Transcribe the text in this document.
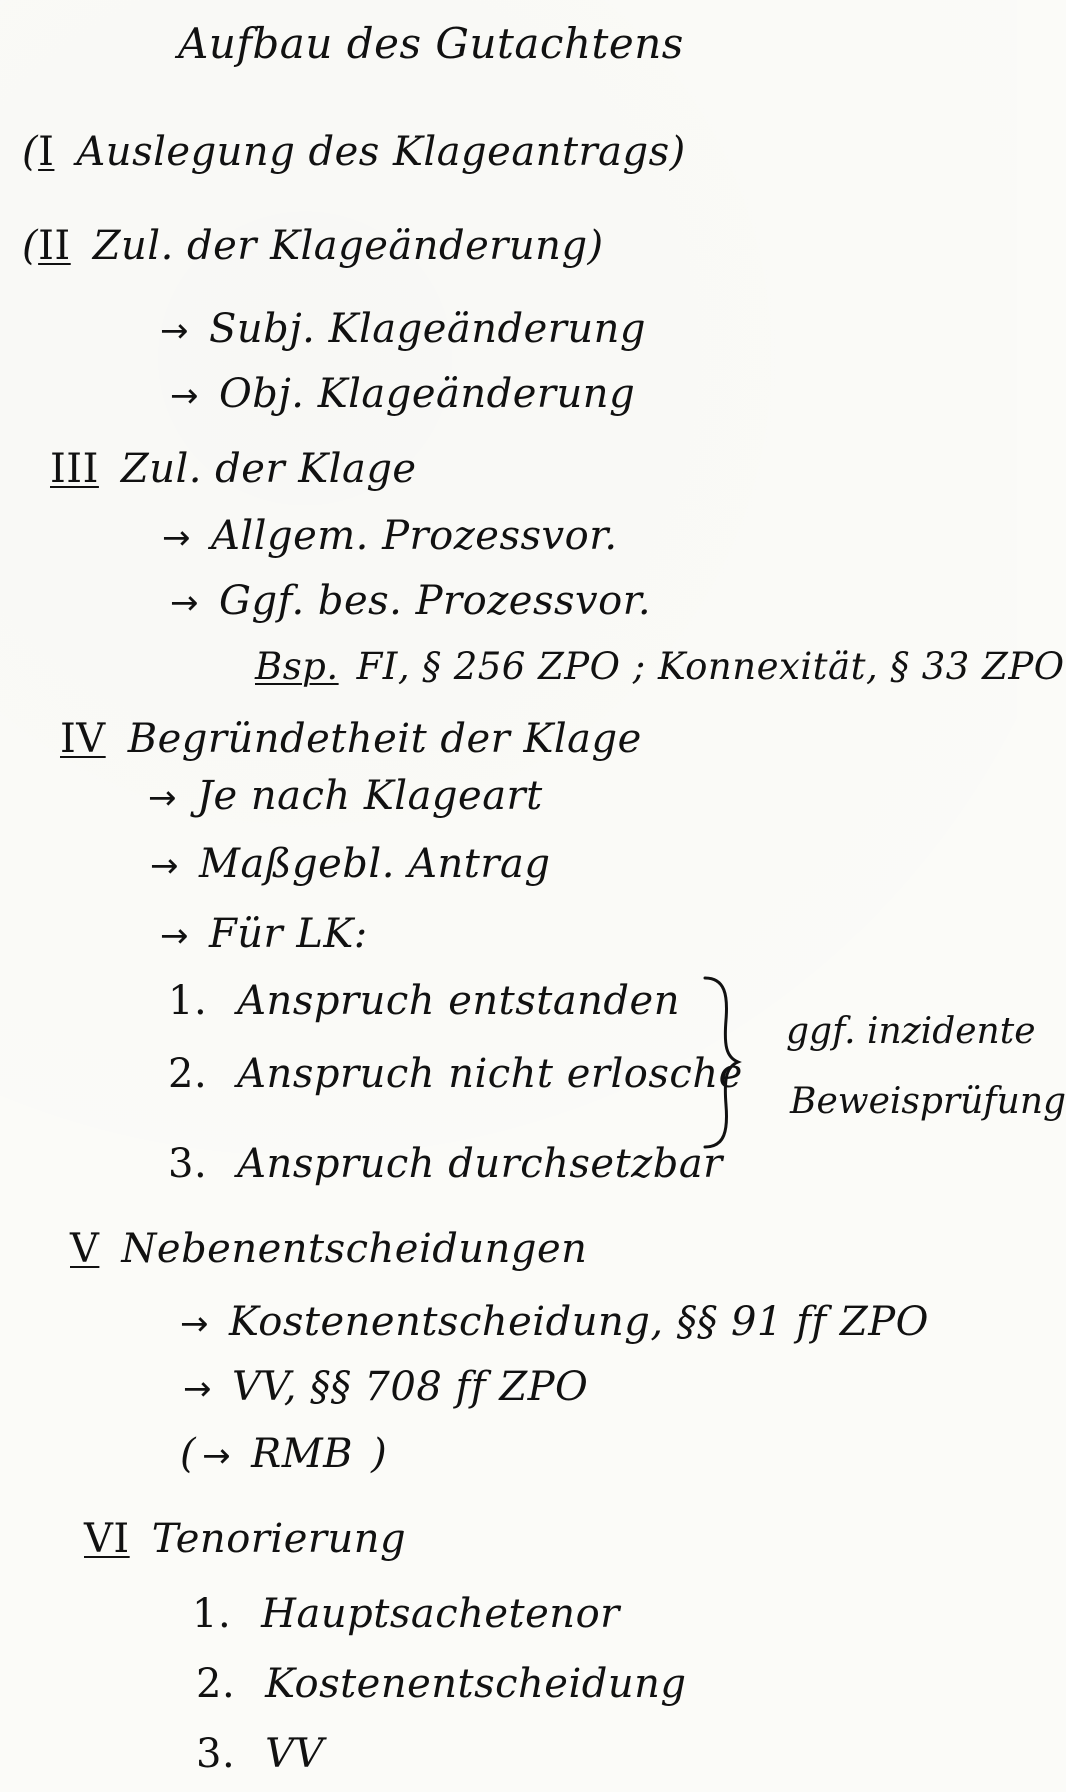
Aufbau des Gutachtens
(I Auslegung des Klageantrags)
(II Zul. der Klageänderung)
→ Subj. Klageänderung
→ Obj. Klageänderung
III Zul. der Klage
→ Allgem. Prozessvor.
→ Ggf. bes. Prozessvor.
Bsp. FI, § 256 ZPO ; Konnexität, § 33 ZPO
IV Begründetheit der Klage
→ Je nach Klageart
→ Maßgebl. Antrag
→ Für LK:
1. Anspruch entstanden
2. Anspruch nicht erlosche
3. Anspruch durchsetzbar
ggf. inzidente
Beweisprüfung
V Nebenentscheidungen
→ Kostenentscheidung, §§ 91 ff ZPO
→ VV, §§ 708 ff ZPO
( → RMB )
VI Tenorierung
1. Hauptsachetenor
2. Kostenentscheidung
3. VV
